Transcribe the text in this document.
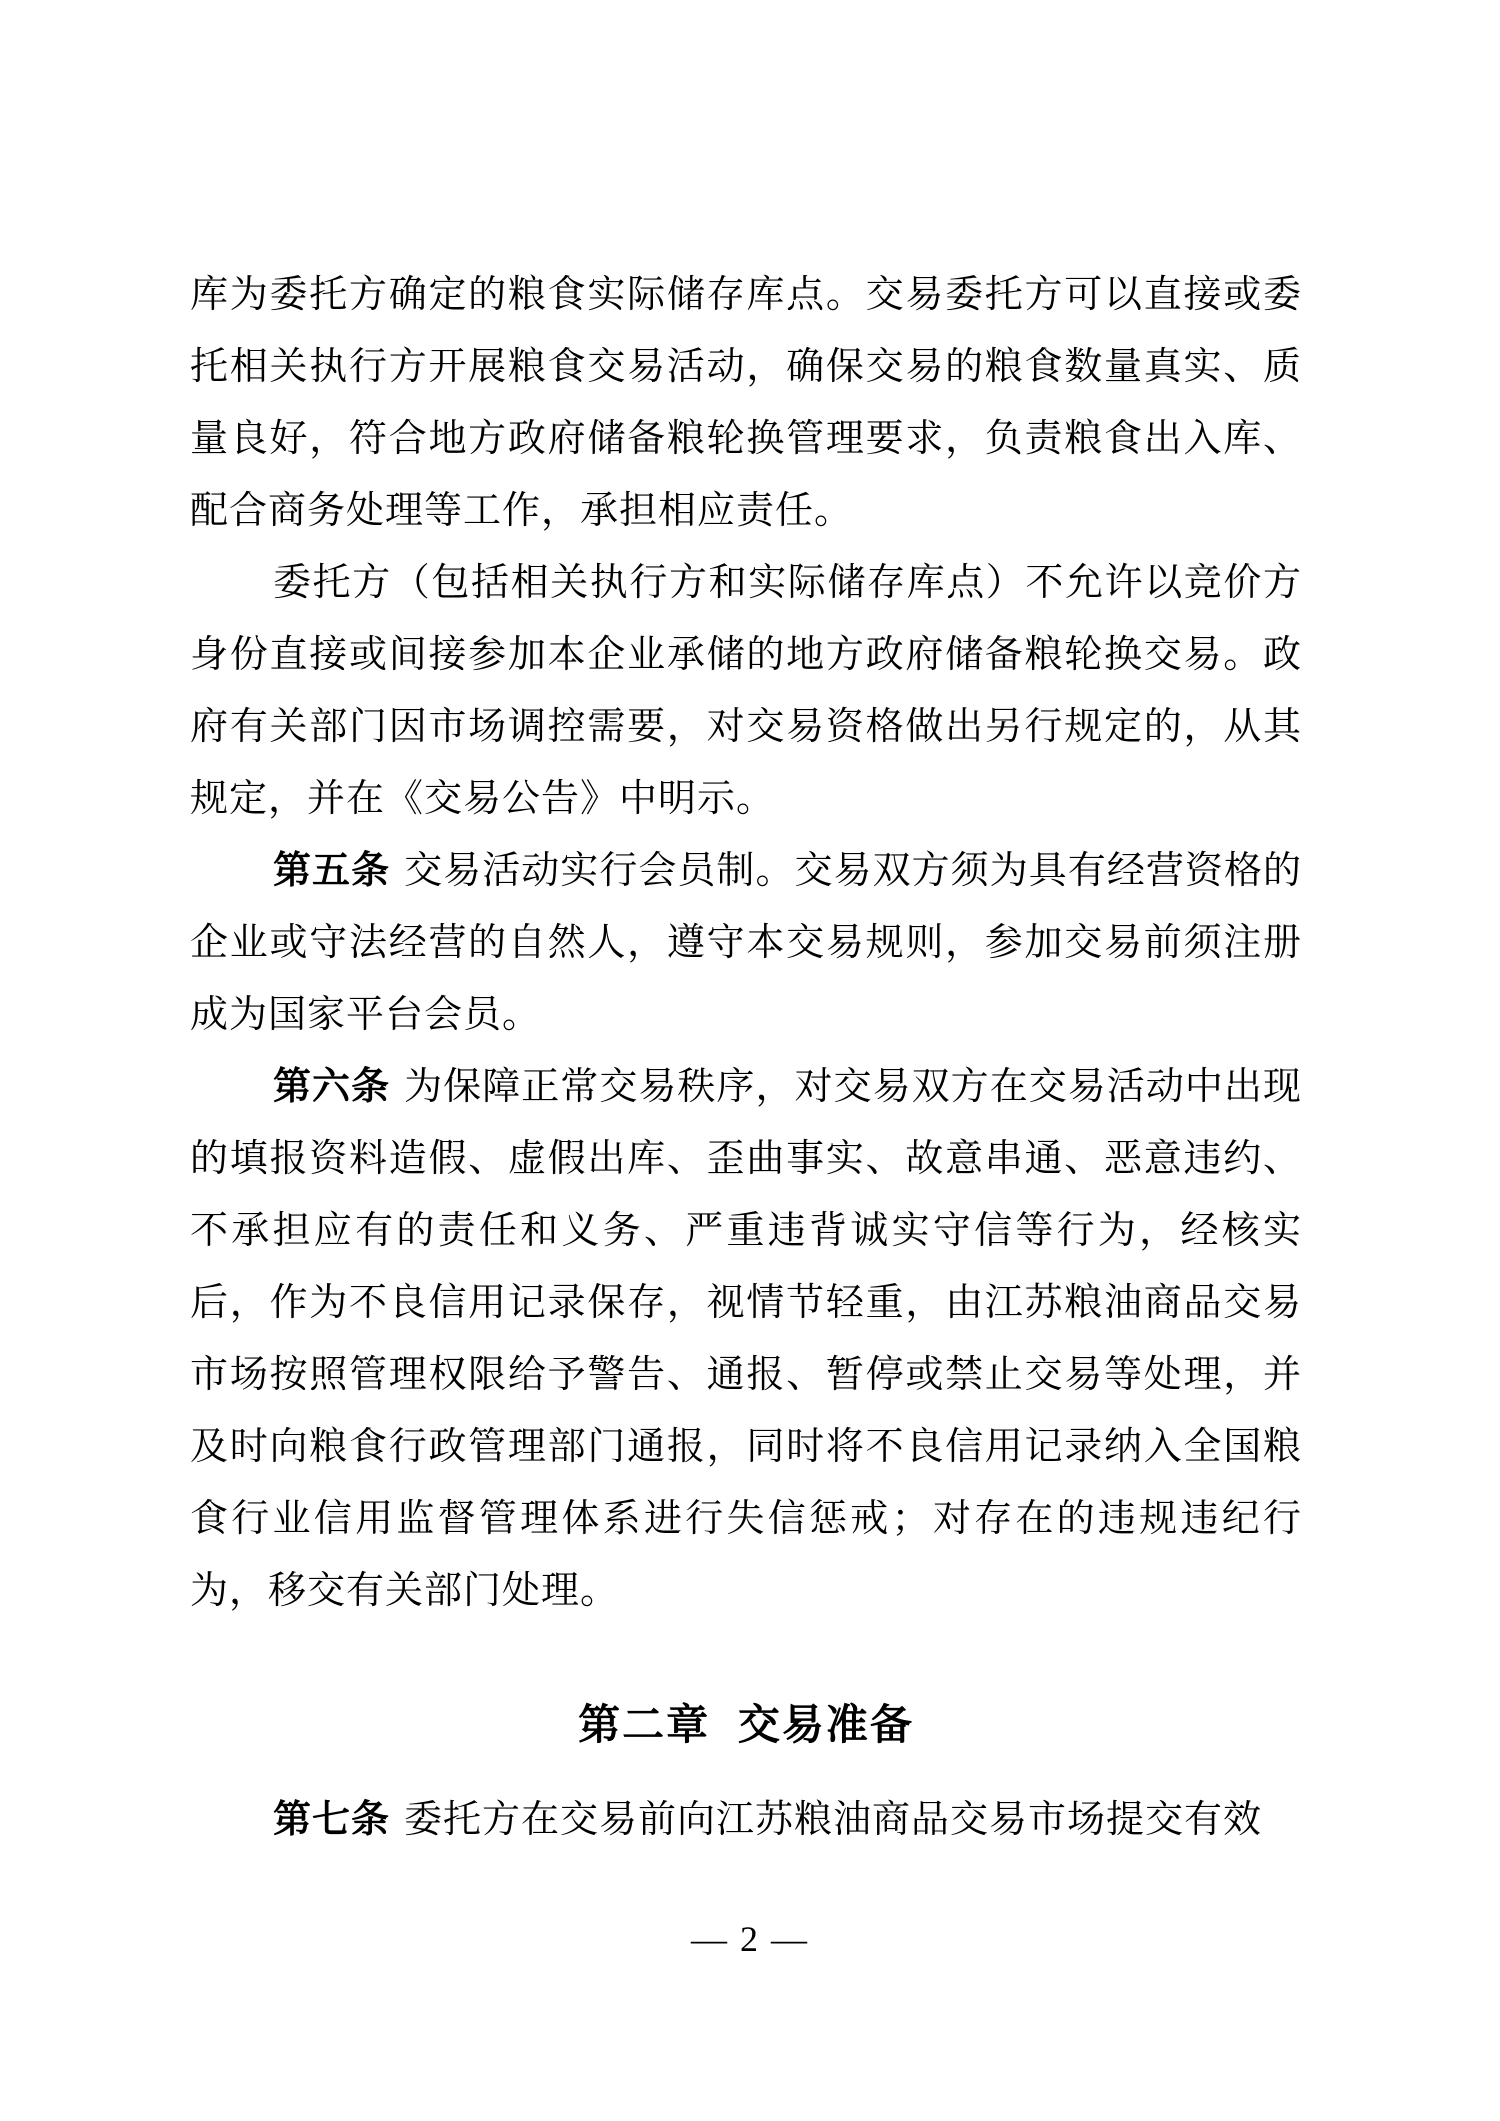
库为委托方确定的粮食实际储存库点。交易委托方可以直接或委托相关执行方开展粮食交易活动，确保交易的粮食数量真实、质量良好，符合地方政府储备粮轮换管理要求，负责粮食出入库、配合商务处理等工作，承担相应责任。

委托方（包括相关执行方和实际储存库点）不允许以竞价方身份直接或间接参加本企业承储的地方政府储备粮轮换交易。政府有关部门因市场调控需要，对交易资格做出另行规定的，从其规定，并在《交易公告》中明示。

第五条 交易活动实行会员制。交易双方须为具有经营资格的企业或守法经营的自然人，遵守本交易规则，参加交易前须注册成为国家平台会员。

第六条 为保障正常交易秩序，对交易双方在交易活动中出现的填报资料造假、虚假出库、歪曲事实、故意串通、恶意违约、不承担应有的责任和义务、严重违背诚实守信等行为，经核实后，作为不良信用记录保存，视情节轻重，由江苏粮油商品交易市场按照管理权限给予警告、通报、暂停或禁止交易等处理，并及时向粮食行政管理部门通报，同时将不良信用记录纳入全国粮食行业信用监督管理体系进行失信惩戒；对存在的违规违纪行为，移交有关部门处理。

第二章 交易准备

第七条 委托方在交易前向江苏粮油商品交易市场提交有效

— 2 —
